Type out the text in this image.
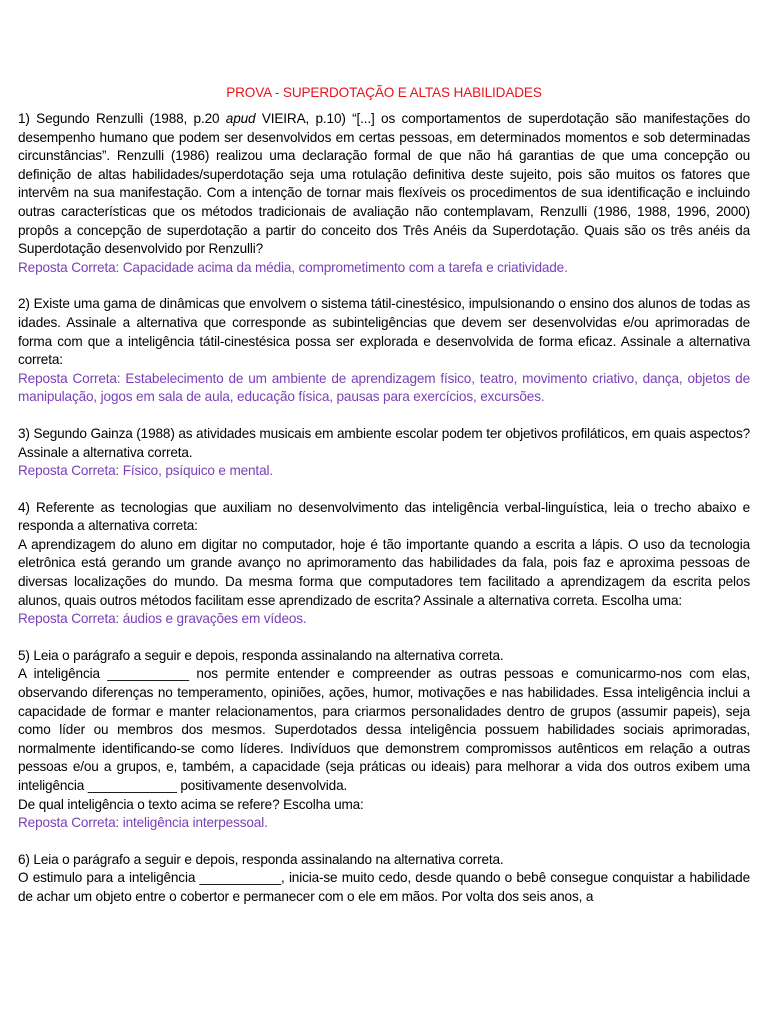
PROVA - SUPERDOTAÇÃO E ALTAS HABILIDADES

1) Segundo Renzulli (1988, p.20 apud VIEIRA, p.10) “[...] os comportamentos de superdotação são manifestações do desempenho humano que podem ser desenvolvidos em certas pessoas, em determinados momentos e sob determinadas circunstâncias”. Renzulli (1986) realizou uma declaração formal de que não há garantias de que uma concepção ou definição de altas habilidades/superdotação seja uma rotulação definitiva deste sujeito, pois são muitos os fatores que intervêm na sua manifestação. Com a intenção de tornar mais flexíveis os procedimentos de sua identificação e incluindo outras características que os métodos tradicionais de avaliação não contemplavam, Renzulli (1986, 1988, 1996, 2000) propôs a concepção de superdotação a partir do conceito dos Três Anéis da Superdotação. Quais são os três anéis da Superdotação desenvolvido por Renzulli?

Reposta Correta: Capacidade acima da média, comprometimento com a tarefa e criatividade.

2) Existe uma gama de dinâmicas que envolvem o sistema tátil-cinestésico, impulsionando o ensino dos alunos de todas as idades. Assinale a alternativa que corresponde as subinteligências que devem ser desenvolvidas e/ou aprimoradas de forma com que a inteligência tátil-cinestésica possa ser explorada e desenvolvida de forma eficaz. Assinale a alternativa correta:

Reposta Correta: Estabelecimento de um ambiente de aprendizagem físico, teatro, movimento criativo, dança, objetos de manipulação, jogos em sala de aula, educação física, pausas para exercícios, excursões.

3) Segundo Gainza (1988) as atividades musicais em ambiente escolar podem ter objetivos profiláticos, em quais aspectos? Assinale a alternativa correta.

Reposta Correta: Físico, psíquico e mental.

4) Referente as tecnologias que auxiliam no desenvolvimento das inteligência verbal-linguística, leia o trecho abaixo e responda a alternativa correta:

A aprendizagem do aluno em digitar no computador, hoje é tão importante quando a escrita a lápis. O uso da tecnologia eletrônica está gerando um grande avanço no aprimoramento das habilidades da fala, pois faz e aproxima pessoas de diversas localizações do mundo. Da mesma forma que computadores tem facilitado a aprendizagem da escrita pelos alunos, quais outros métodos facilitam esse aprendizado de escrita? Assinale a alternativa correta. Escolha uma:

Reposta Correta: áudios e gravações em vídeos.

5) Leia o parágrafo a seguir e depois, responda assinalando na alternativa correta.

A inteligência ___________ nos permite entender e compreender as outras pessoas e comunicarmo-nos com elas, observando diferenças no temperamento, opiniões, ações, humor, motivações e nas habilidades. Essa inteligência inclui a capacidade de formar e manter relacionamentos, para criarmos personalidades dentro de grupos (assumir papeis), seja como líder ou membros dos mesmos. Superdotados dessa inteligência possuem habilidades sociais aprimoradas, normalmente identificando-se como líderes. Indivíduos que demonstrem compromissos autênticos em relação a outras pessoas e/ou a grupos, e, também, a capacidade (seja práticas ou ideais) para melhorar a vida dos outros exibem uma inteligência ____________ positivamente desenvolvida.

De qual inteligência o texto acima se refere? Escolha uma:

Reposta Correta: inteligência interpessoal.

6) Leia o parágrafo a seguir e depois, responda assinalando na alternativa correta.

O estimulo para a inteligência ___________, inicia-se muito cedo, desde quando o bebê consegue conquistar a habilidade de achar um objeto entre o cobertor e permanecer com o ele em mãos. Por volta dos seis anos, a
